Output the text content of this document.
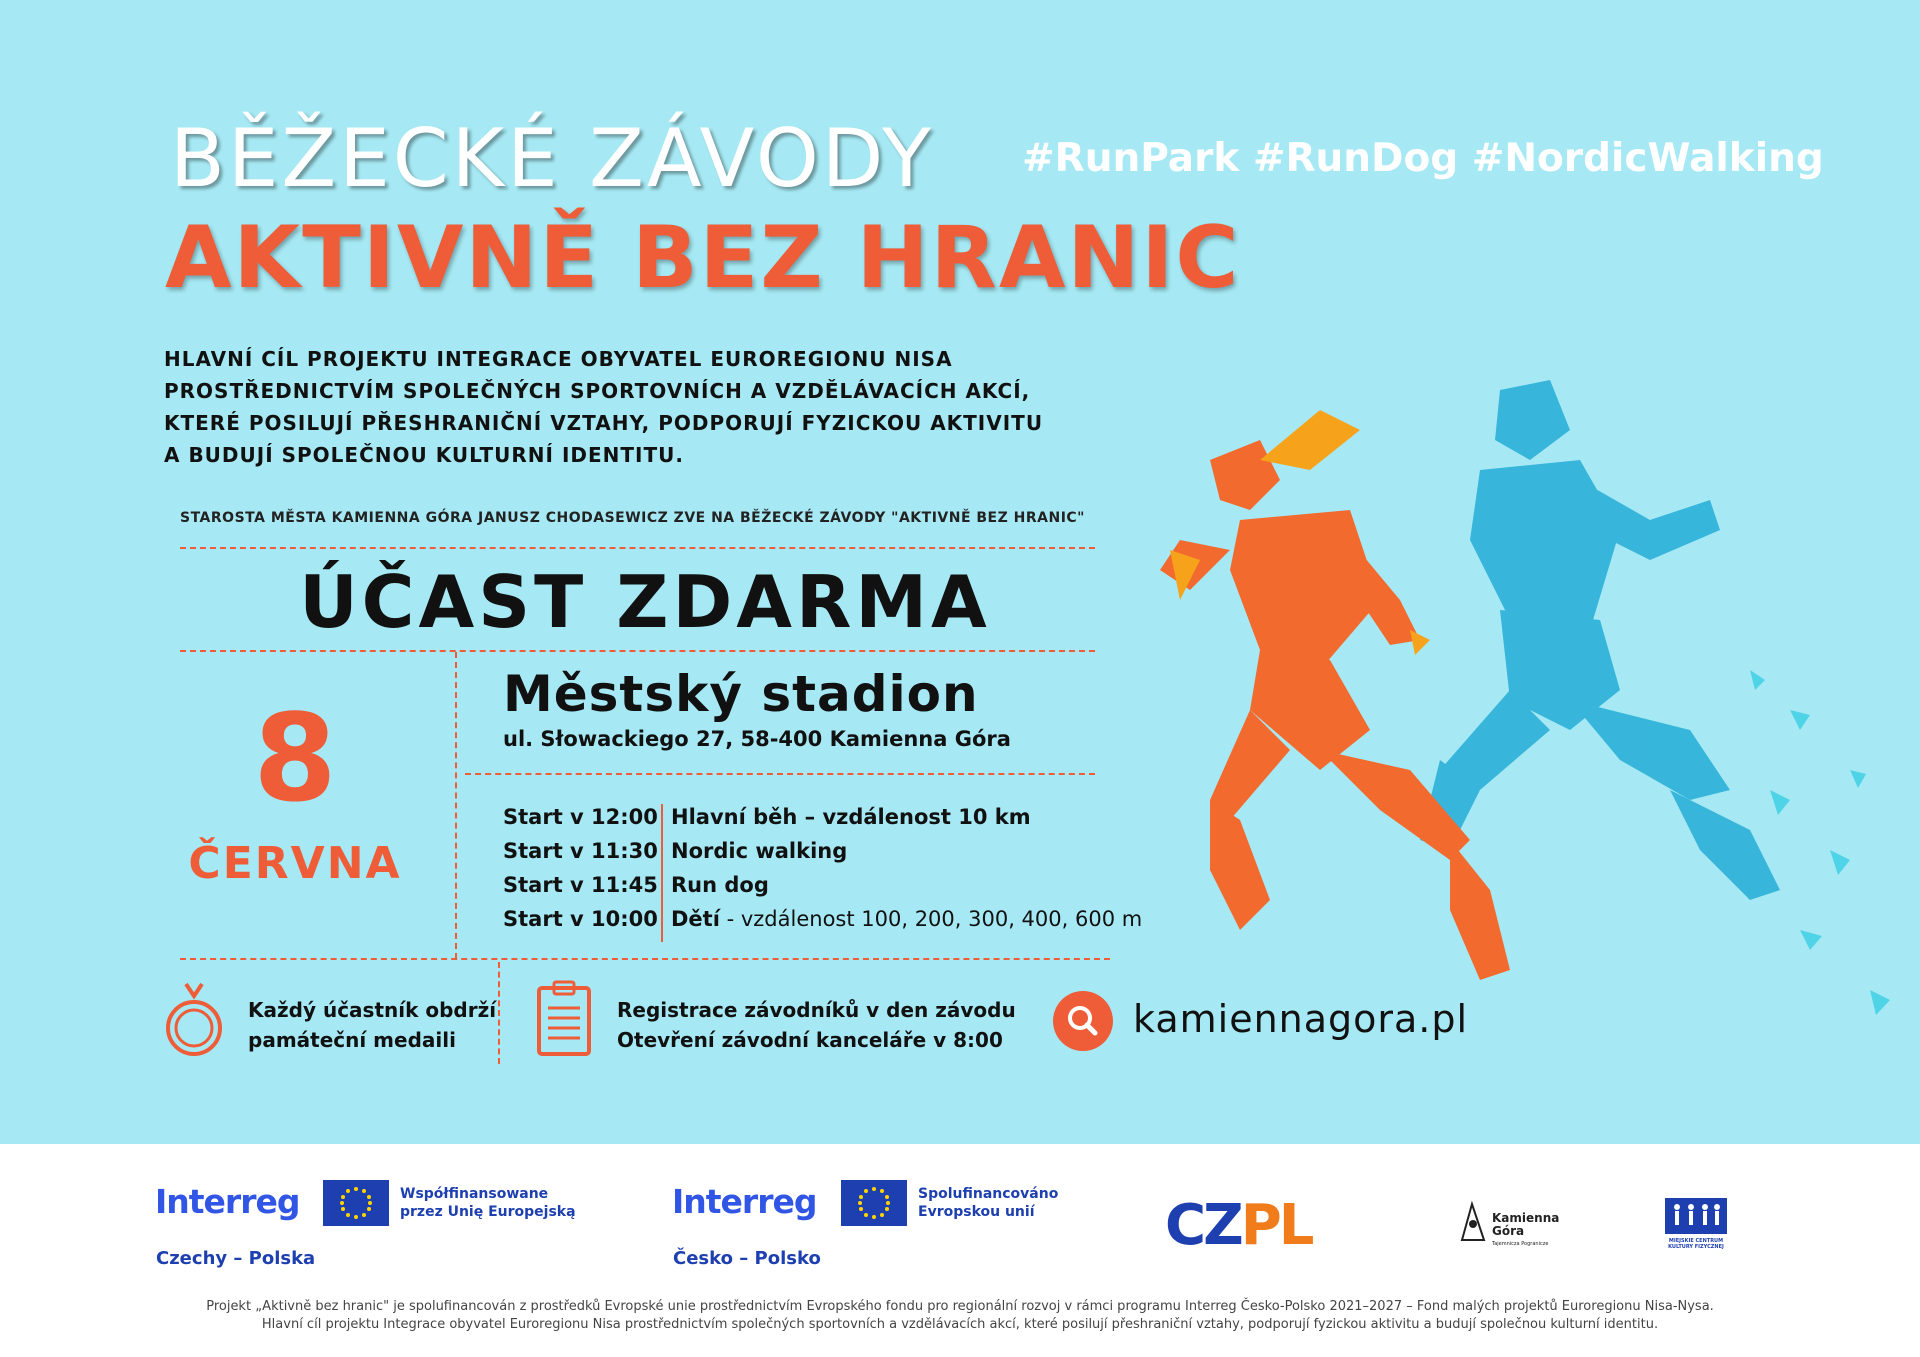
BĚŽECKÉ ZÁVODY #RunPark #RunDog #NordicWalking
AKTIVNĚ BEZ HRANIC
HLAVNÍ CÍL PROJEKTU INTEGRACE OBYVATEL EUROREGIONU NISA
PROSTŘEDNICTVÍM SPOLEČNÝCH SPORTOVNÍCH A VZDĚLÁVACÍCH AKCÍ,
KTERÉ POSILUJÍ PŘESHRANIČNÍ VZTAHY, PODPORUJÍ FYZICKOU AKTIVITU
A BUDUJÍ SPOLEČNOU KULTURNÍ IDENTITU.
STAROSTA MĚSTA KAMIENNA GÓRA JANUSZ CHODASEWICZ ZVE NA BĚŽECKÉ ZÁVODY "AKTIVNĚ BEZ HRANIC"
ÚČAST ZDARMA
8
ČERVNA
Městský stadion
ul. Słowackiego 27, 58-400 Kamienna Góra
Start v 12:00 Hlavní běh – vzdálenost 10 km
Start v 11:30 Nordic walking
Start v 11:45 Run dog
Start v 10:00 Dětí - vzdálenost 100, 200, 300, 400, 600 m
Každý účastník obdrží
památeční medaili
Registrace závodníků v den závodu
Otevření závodní kanceláře v 8:00	kamiennagora.pl
Interreg	Współfinansowane
przez Unię Europejską
Czechy – Polska
Interreg	Spolufinancováno
Evropskou unií
Česko – Polsko
CZPL	Kamienna
Góra
Tajemnicza Pogranicze	MIEJSKIE CENTRUM KULTURY FIZYCZNEJ
Projekt „Aktivně bez hranic" je spolufinancován z prostředků Evropské unie prostřednictvím Evropského fondu pro regionální rozvoj v rámci programu Interreg Česko-Polsko 2021–2027 – Fond malých projektů Euroregionu Nisa-Nysa.
Hlavní cíl projektu Integrace obyvatel Euroregionu Nisa prostřednictvím společných sportovních a vzdělávacích akcí, které posilují přeshraniční vztahy, podporují fyzickou aktivitu a budují společnou kulturní identitu.
